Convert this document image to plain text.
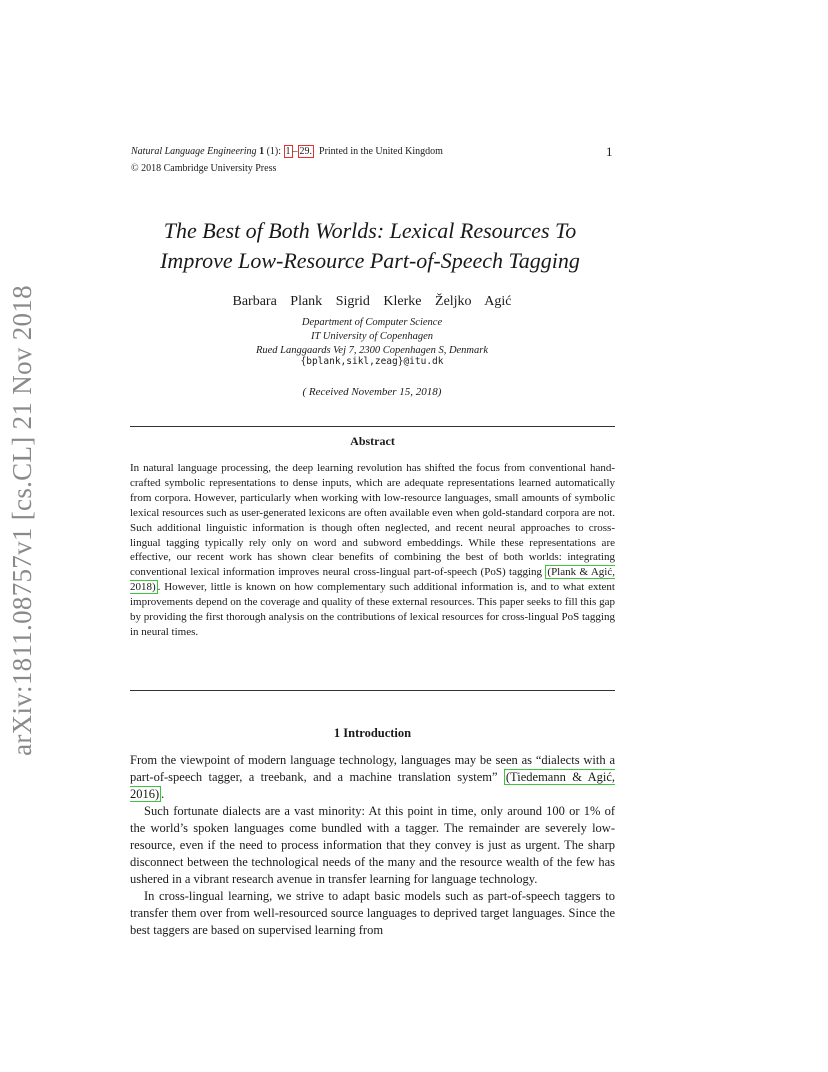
arXiv:1811.08757v1 [cs.CL] 21 Nov 2018
Natural Language Engineering 1 (1): 1 – 29. Printed in the United Kingdom
© 2018 Cambridge University Press
1
The Best of Both Worlds: Lexical Resources To
Improve Low-Resource Part-of-Speech Tagging
Barbara Plank Sigrid Klerke Željko Agić
Department of Computer Science
IT University of Copenhagen
Rued Langgaards Vej 7, 2300 Copenhagen S, Denmark
{bplank,sikl,zeag}@itu.dk
( Received November 15, 2018)
Abstract
In natural language processing, the deep learning revolution has shifted the focus from conventional hand-crafted symbolic representations to dense inputs, which are adequate representations learned automatically from corpora. However, particularly when working with low-resource languages, small amounts of symbolic lexical resources such as user-generated lexicons are often available even when gold-standard corpora are not. Such additional linguistic information is though often neglected, and recent neural approaches to cross-lingual tagging typically rely only on word and subword embeddings. While these representations are effective, our recent work has shown clear benefits of combining the best of both worlds: integrating conventional lexical information improves neural cross-lingual part-of-speech (PoS) tagging (Plank & Agić, 2018) . However, little is known on how complementary such additional information is, and to what extent improvements depend on the coverage and quality of these external resources. This paper seeks to fill this gap by providing the first thorough analysis on the contributions of lexical resources for cross-lingual PoS tagging in neural times.
1 Introduction

From the viewpoint of modern language technology, languages may be seen as “dialects with a part-of-speech tagger, a treebank, and a machine translation system” (Tiedemann & Agić, 2016) .

Such fortunate dialects are a vast minority: At this point in time, only around 100 or 1% of the world’s spoken languages come bundled with a tagger. The remainder are severely low-resource, even if the need to process information that they convey is just as urgent. The sharp disconnect between the technological needs of the many and the resource wealth of the few has ushered in a vibrant research avenue in transfer learning for language technology.

In cross-lingual learning, we strive to adapt basic models such as part-of-speech taggers to transfer them over from well-resourced source languages to deprived target languages. Since the best taggers are based on supervised learning from
